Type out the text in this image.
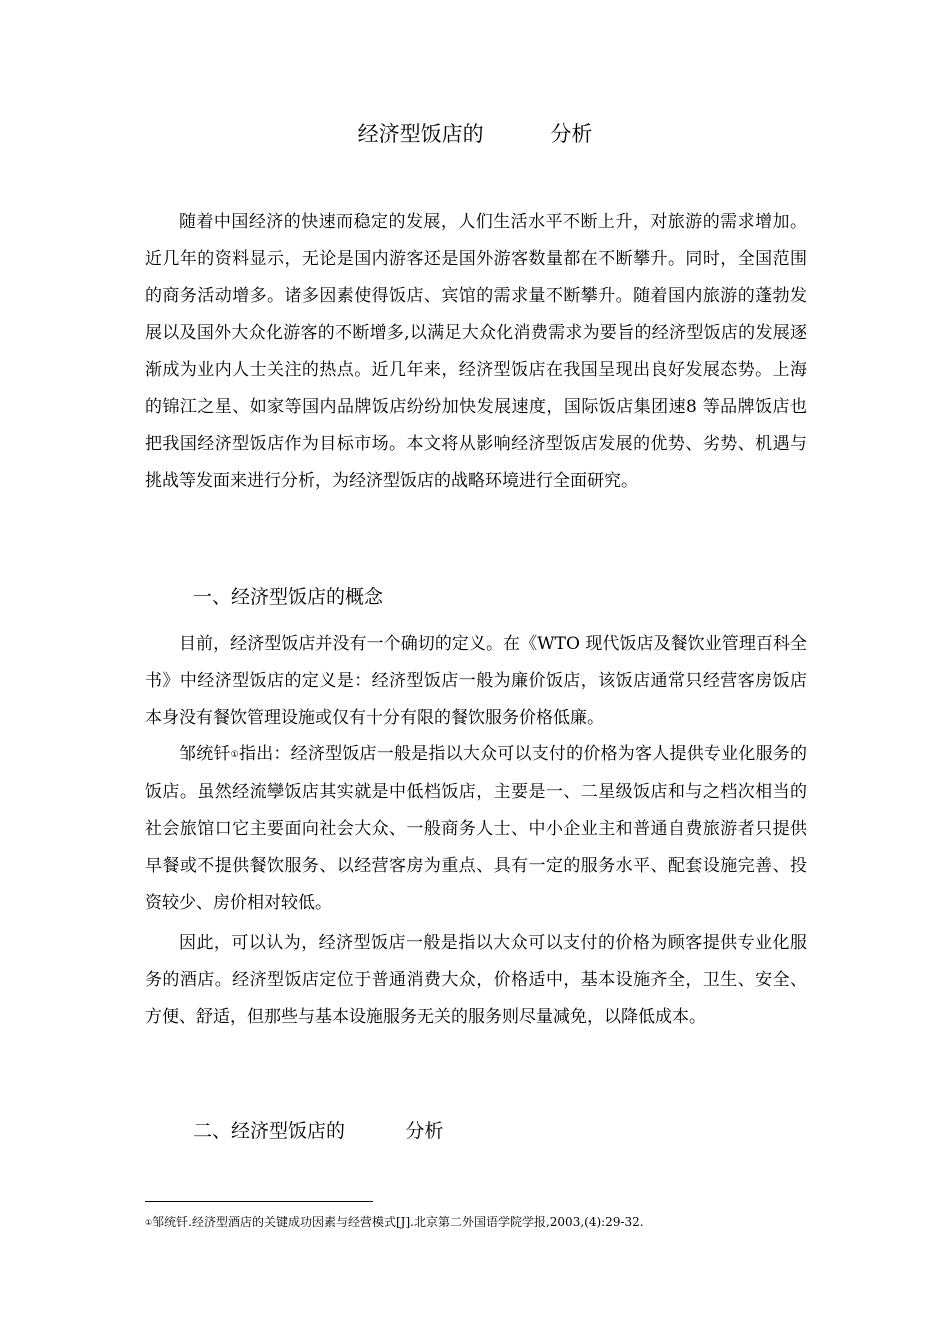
经济型饭店的          分析

随着中国经济的快速而稳定的发展，人们生活水平不断上升，对旅游的需求增加。近几年的资料显示，无论是国内游客还是国外游客数量都在不断攀升。同时，全国范围的商务活动增多。诸多因素使得饭店、宾馆的需求量不断攀升。随着国内旅游的蓬勃发展以及国外大众化游客的不断增多,以满足大众化消费需求为要旨的经济型饭店的发展逐渐成为业内人士关注的热点。近几年来，经济型饭店在我国呈现出良好发展态势。上海的锦江之星、如家等国内品牌饭店纷纷加快发展速度，国际饭店集团速8 等品牌饭店也把我国经济型饭店作为目标市场。本文将从影响经济型饭店发展的优势、劣势、机遇与挑战等发面来进行分析，为经济型饭店的战略环境进行全面研究。

一、经济型饭店的概念

目前，经济型饭店并没有一个确切的定义。在《WTO 现代饭店及餐饮业管理百科全书》中经济型饭店的定义是：经济型饭店一般为廉价饭店，该饭店通常只经营客房饭店本身没有餐饮管理设施或仅有十分有限的餐饮服务价格低廉。

邹统钎①指出：经济型饭店一般是指以大众可以支付的价格为客人提供专业化服务的饭店。虽然经流孿饭店其实就是中低档饭店，主要是一、二星级饭店和与之档次相当的社会旅馆口它主要面向社会大众、一般商务人士、中小企业主和普通自费旅游者只提供早餐或不提供餐饮服务、以经营客房为重点、具有一定的服务水平、配套设施完善、投资较少、房价相对较低。

因此，可以认为，经济型饭店一般是指以大众可以支付的价格为顾客提供专业化服务的酒店。经济型饭店定位于普通消费大众，价格适中，基本设施齐全，卫生、安全、方便、舒适，但那些与基本设施服务无关的服务则尽量减免，以降低成本。

二、经济型饭店的          分析
①邹统钎.经济型酒店的关键成功因素与经营模式[J].北京第二外国语学院学报,2003,(4):29-32.
